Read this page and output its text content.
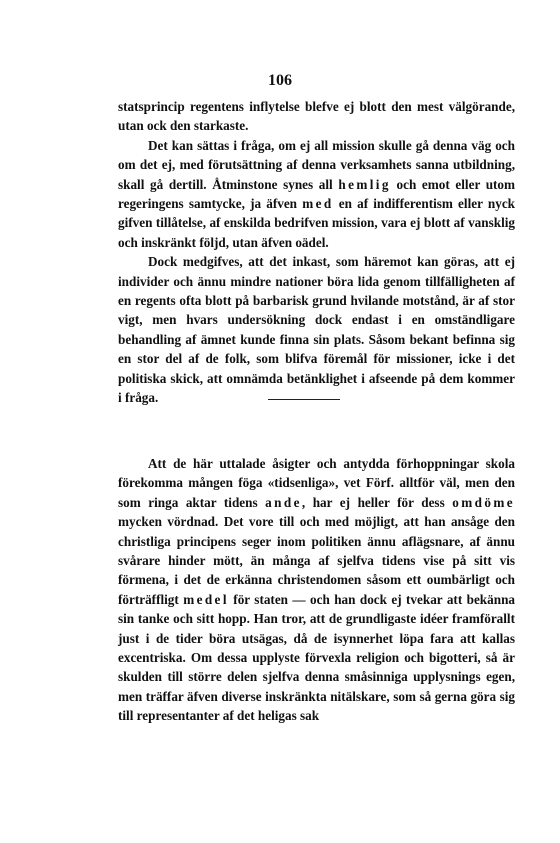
106

statsprincip regentens inflytelse blefve ej blott den mest välgörande, utan ock den starkaste.

Det kan sättas i fråga, om ej all mission skulle gå denna väg och om det ej, med förutsättning af denna verksamhets sanna utbildning, skall gå dertill. Åtminstone synes all hemlig och emot eller utom regeringens samtycke, ja äfven med en af indifferentism eller nyck gifven tillåtelse, af enskilda bedrifven mission, vara ej blott af vansklig och inskränkt följd, utan äfven oädel.

Dock medgifves, att det inkast, som häremot kan göras, att ej individer och ännu mindre nationer böra lida genom tillfälligheten af en regents ofta blott på barbarisk grund hvilande motstånd, är af stor vigt, men hvars undersökning dock endast i en omständligare behandling af ämnet kunde finna sin plats. Såsom bekant befinna sig en stor del af de folk, som blifva föremål för missioner, icke i det politiska skick, att omnämda betänklighet i afseende på dem kommer i fråga.

Att de här uttalade åsigter och antydda förhoppningar skola förekomma mången föga «tidsenliga», vet Förf. alltför väl, men den som ringa aktar tidens ande, har ej heller för dess omdöme mycken vördnad. Det vore till och med möjligt, att han ansåge den christliga principens seger inom politiken ännu aflägsnare, af ännu svårare hinder mött, än många af sjelfva tidens vise på sitt vis förmena, i det de erkänna christendomen såsom ett oumbärligt och förträffligt medel för staten — och han dock ej tvekar att bekänna sin tanke och sitt hopp. Han tror, att de grundligaste idéer framförallt just i de tider böra utsägas, då de isynnerhet löpa fara att kallas excentriska. Om dessa upplyste förvexla religion och bigotteri, så är skulden till större delen sjelfva denna småsinniga upplysnings egen, men träffar äfven diverse inskränkta nitälskare, som så gerna göra sig till representanter af det heligas sak
